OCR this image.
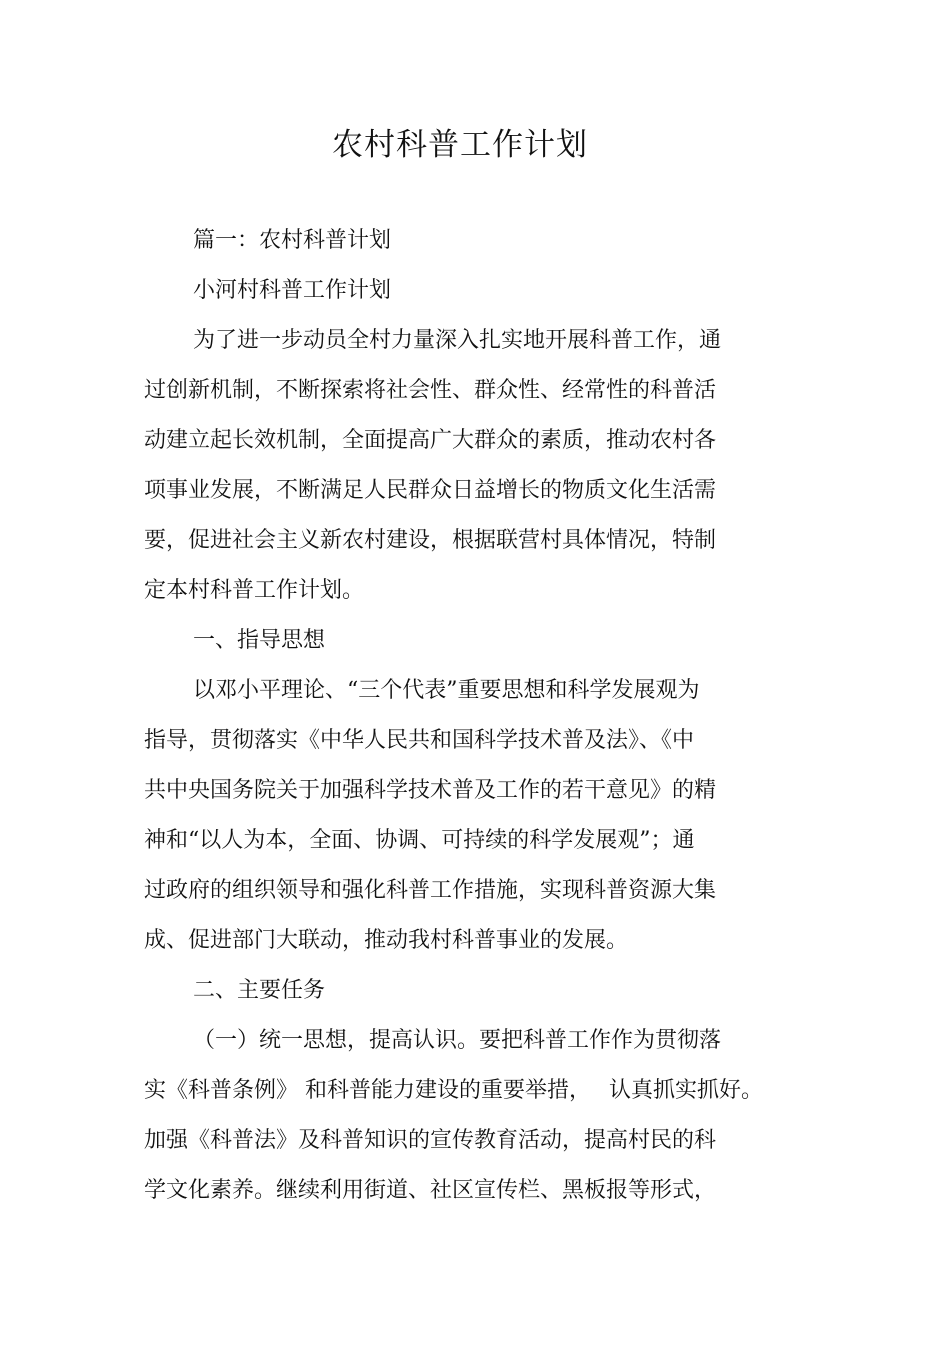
农村科普工作计划

篇一：农村科普计划

小河村科普工作计划

为了进一步动员全村力量深入扎实地开展科普工作，通

过创新机制，不断探索将社会性、群众性、经常性的科普活

动建立起长效机制，全面提高广大群众的素质，推动农村各

项事业发展，不断满足人民群众日益增长的物质文化生活需

要，促进社会主义新农村建设，根据联营村具体情况，特制

定本村科普工作计划。

一、指导思想

以邓小平理论、“三个代表”重要思想和科学发展观为

指导，贯彻落实《中华人民共和国科学技术普及法》、《中

共中央国务院关于加强科学技术普及工作的若干意见》的精

神和“以人为本，全面、协调、可持续的科学发展观”；通

过政府的组织领导和强化科普工作措施，实现科普资源大集

成、促进部门大联动，推动我村科普事业的发展。

二、主要任务

（一）统一思想，提高认识。要把科普工作作为贯彻落

实《科普条例》 和科普能力建设的重要举措，　 认真抓实抓好。

加强《科普法》及科普知识的宣传教育活动，提高村民的科

学文化素养。继续利用街道、社区宣传栏、黑板报等形式，
